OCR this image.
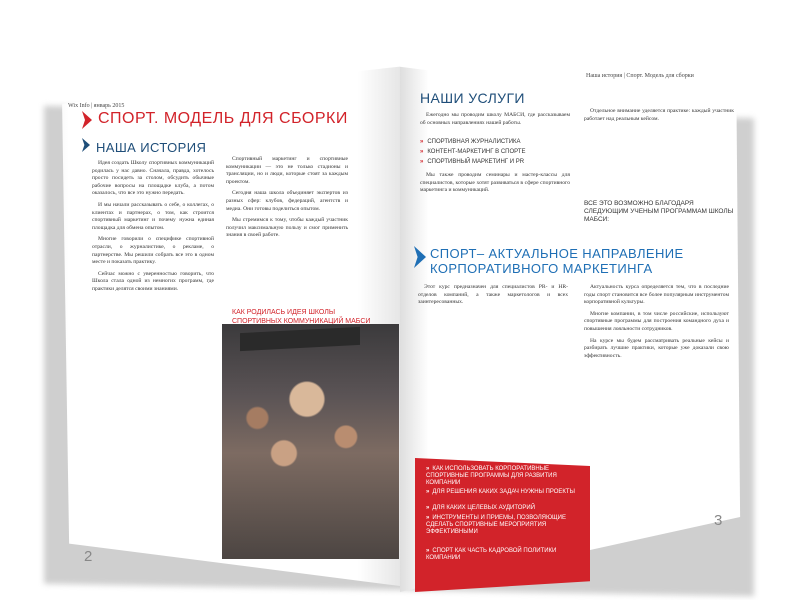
Wix Info | январь 2015
СПОРТ. МОДЕЛЬ ДЛЯ СБОРКИ
НАША ИСТОРИЯ

Идея создать Школу спортивных коммуникаций родилась у нас давно. Сначала, правда, хотелось просто посидеть за столом, обсудить обычные рабочие вопросы на площадке клуба, а потом оказалось, что все это нужно передать.

И мы начали рассказывать о себе, о коллегах, о клиентах и партнерах, о том, как строится спортивный маркетинг и почему нужна единая площадка для обмена опытом.

Многие говорили о специфике спортивной отрасли, о журналистике, о рекламе, о партнерстве. Мы решили собрать все это в одном месте и показать практику.

Сейчас можно с уверенностью говорить, что Школа стала одной из немногих программ, где практики делятся своими знаниями.

Спортивный маркетинг и спортивные коммуникации — это не только стадионы и трансляции, но и люди, которые стоят за каждым проектом.

Сегодня наша школа объединяет экспертов из разных сфер: клубов, федераций, агентств и медиа. Они готовы поделиться опытом.

Мы стремимся к тому, чтобы каждый участник получил максимальную пользу и смог применить знания в своей работе.

КАК РОДИЛАСЬ ИДЕЯ ШКОЛЫ СПОРТИВНЫХ КОММУНИКАЦИЙ МАБСИ
2
Наша история | Спорт. Модель для сборки
НАШИ УСЛУГИ

Ежегодно мы проводим школу МАБСИ, где рассказываем об основных направлениях нашей работы.

» СПОРТИВНАЯ ЖУРНАЛИСТИКА
» КОНТЕНТ-МАРКЕТИНГ В СПОРТЕ
» СПОРТИВНЫЙ МАРКЕТИНГ И PR

Мы также проводим семинары и мастер-классы для специалистов, которые хотят развиваться в сфере спортивного маркетинга и коммуникаций.

Отдельное внимание уделяется практике: каждый участник работает над реальным кейсом.

ВСЕ ЭТО ВОЗМОЖНО БЛАГОДАРЯ СЛЕДУЮЩИМ УЧЕНЫМ ПРОГРАММАМ ШКОЛЫ МАБСИ:
СПОРТ– АКТУАЛЬНОЕ НАПРАВЛЕНИЕ
КОРПОРАТИВНОГО МАРКЕТИНГА

Этот курс предназначен для специалистов PR- и HR-отделов компаний, а также маркетологов и всех заинтересованных.

» КАК ИСПОЛЬЗОВАТЬ КОРПОРАТИВНЫЕ СПОРТИВНЫЕ ПРОГРАММЫ ДЛЯ РАЗВИТИЯ КОМПАНИИ
» ДЛЯ РЕШЕНИЯ КАКИХ ЗАДАЧ НУЖНЫ ПРОЕКТЫ
» ДЛЯ КАКИХ ЦЕЛЕВЫХ АУДИТОРИЙ
» ИНСТРУМЕНТЫ И ПРИЕМЫ, ПОЗВОЛЯЮЩИЕ СДЕЛАТЬ СПОРТИВНЫЕ МЕРОПРИЯТИЯ ЭФФЕКТИВНЫМИ
» СПОРТ КАК ЧАСТЬ КАДРОВОЙ ПОЛИТИКИ КОМПАНИИ

Актуальность курса определяется тем, что в последние годы спорт становится все более популярным инструментом корпоративной культуры.

Многие компании, в том числе российские, используют спортивные программы для построения командного духа и повышения лояльности сотрудников.

На курсе мы будем рассматривать реальные кейсы и разбирать лучшие практики, которые уже доказали свою эффективность.

3
